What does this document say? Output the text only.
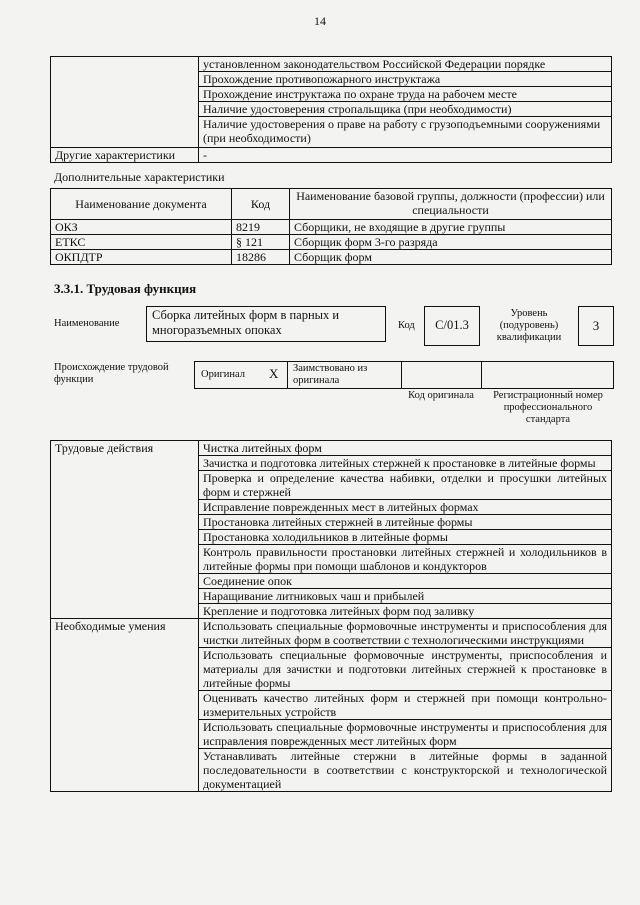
14
	установленном законодательством Российской Федерации порядке
	Прохождение противопожарного инструктажа
	Прохождение инструктажа по охране труда на рабочем месте
	Наличие удостоверения стропальщика (при необходимости)
	Наличие удостоверения о праве на работу с грузоподъемными сооружениями (при необходимости)
Другие характеристики	-
Дополнительные характеристики
Наименование документа	Код	Наименование базовой группы, должности (профессии) или специальности
ОКЗ	8219	Сборщики, не входящие в другие группы
ЕТКС	§ 121	Сборщик форм 3-го разряда
ОКПДТР	18286	Сборщик форм
3.3.1. Трудовая функция
Наименование
Сборка литейных форм в парных и многоразъемных опоках	Код	C/01.3
Уровень (подуровень) квалификации
3
Происхождение трудовой функции	Оригинал X Заимствовано из оригинала
Код оригинала	Регистрационный номер профессионального стандарта
Трудовые действия	Чистка литейных форм
	Зачистка и подготовка литейных стержней к простановке в литейные формы
	Проверка и определение качества набивки, отделки и просушки литейных форм и стержней
	Исправление поврежденных мест в литейных формах
	Простановка литейных стержней в литейные формы
	Простановка холодильников в литейные формы
	Контроль правильности простановки литейных стержней и холодильников в литейные формы при помощи шаблонов и кондукторов
	Соединение опок
	Наращивание литниковых чаш и прибылей
	Крепление и подготовка литейных форм под заливку
Необходимые умения	Использовать специальные формовочные инструменты и приспособления для чистки литейных форм в соответствии с технологическими инструкциями
	Использовать специальные формовочные инструменты, приспособления и материалы для зачистки и подготовки литейных стержней к простановке в литейные формы
	Оценивать качество литейных форм и стержней при помощи контрольно-измерительных устройств
	Использовать специальные формовочные инструменты и приспособления для исправления поврежденных мест литейных форм
	Устанавливать литейные стержни в литейные формы в заданной последовательности в соответствии с конструкторской и технологической документацией
